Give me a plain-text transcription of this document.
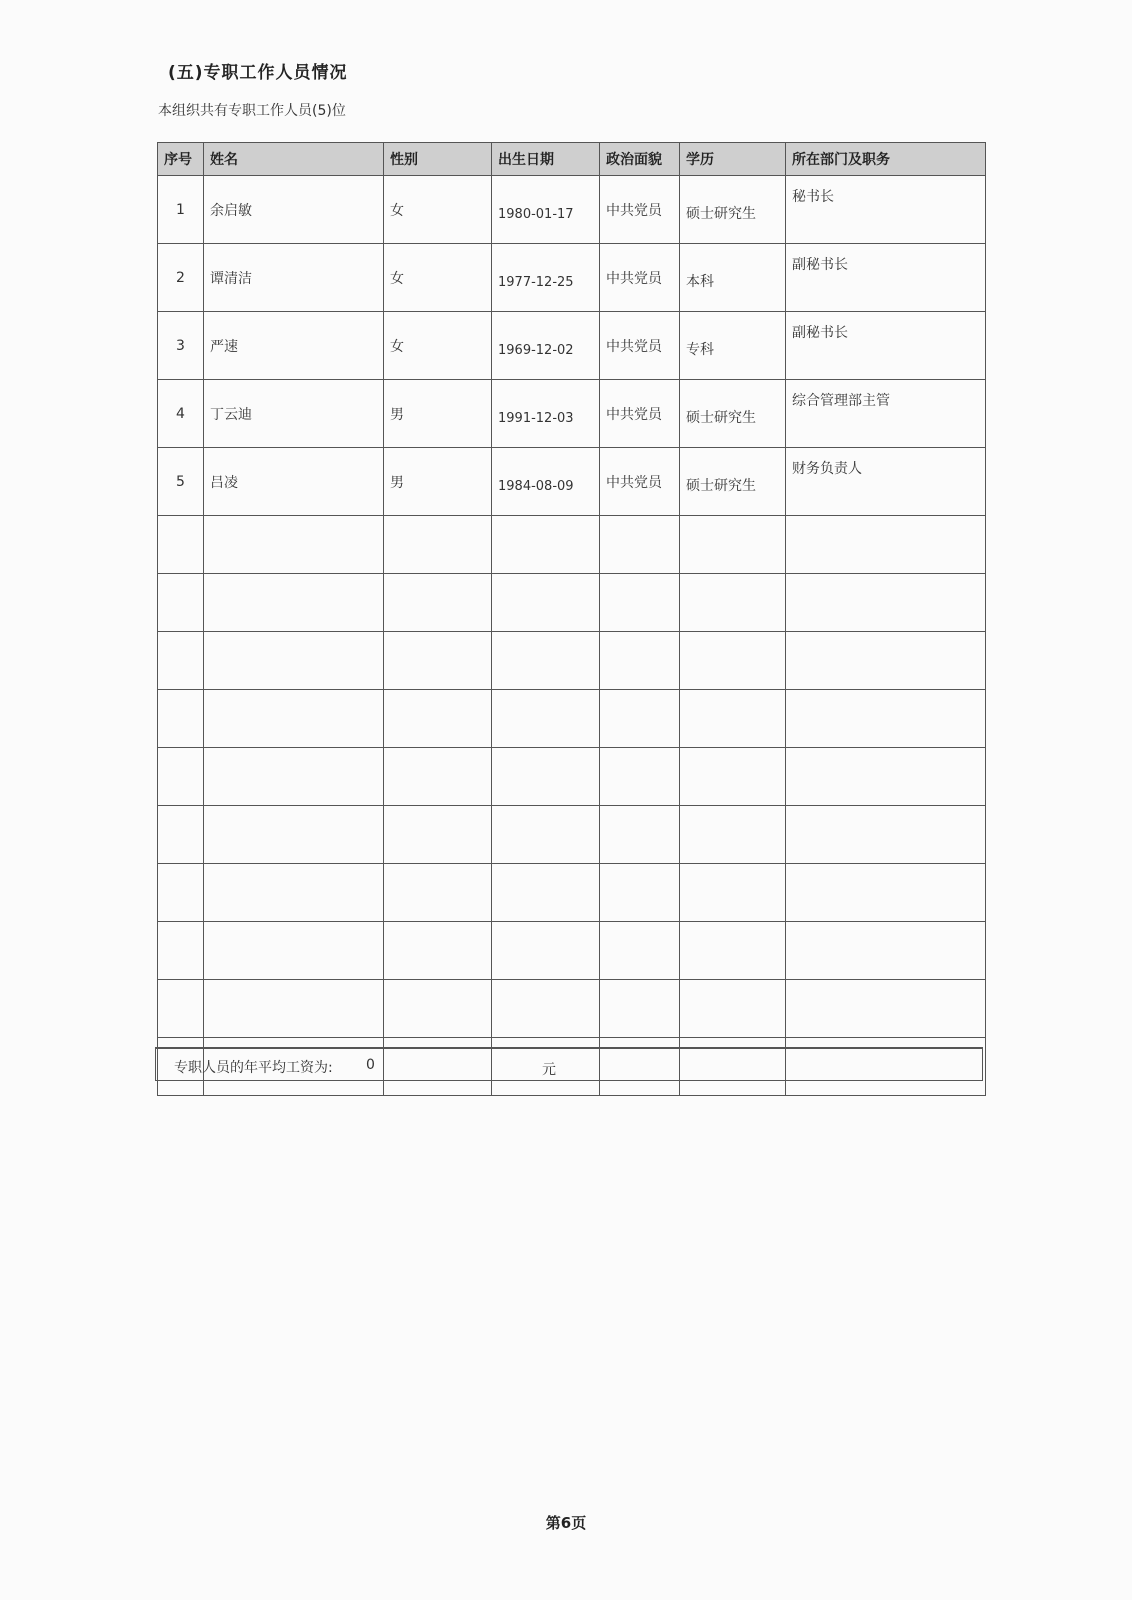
(五)专职工作人员情况
本组织共有专职工作人员(5)位
序号	姓名	性别	出生日期	政治面貌	学历	所在部门及职务
1	余启敏	女	1980-01-17	中共党员	硕士研究生	秘书长
2	谭清洁	女	1977-12-25	中共党员	本科	副秘书长
3	严速	女	1969-12-02	中共党员	专科	副秘书长
4	丁云迪	男	1991-12-03	中共党员	硕士研究生	综合管理部主管
5	吕凌	男	1984-08-09	中共党员	硕士研究生	财务负责人

专职人员的年平均工资为: 0	元
第6页
